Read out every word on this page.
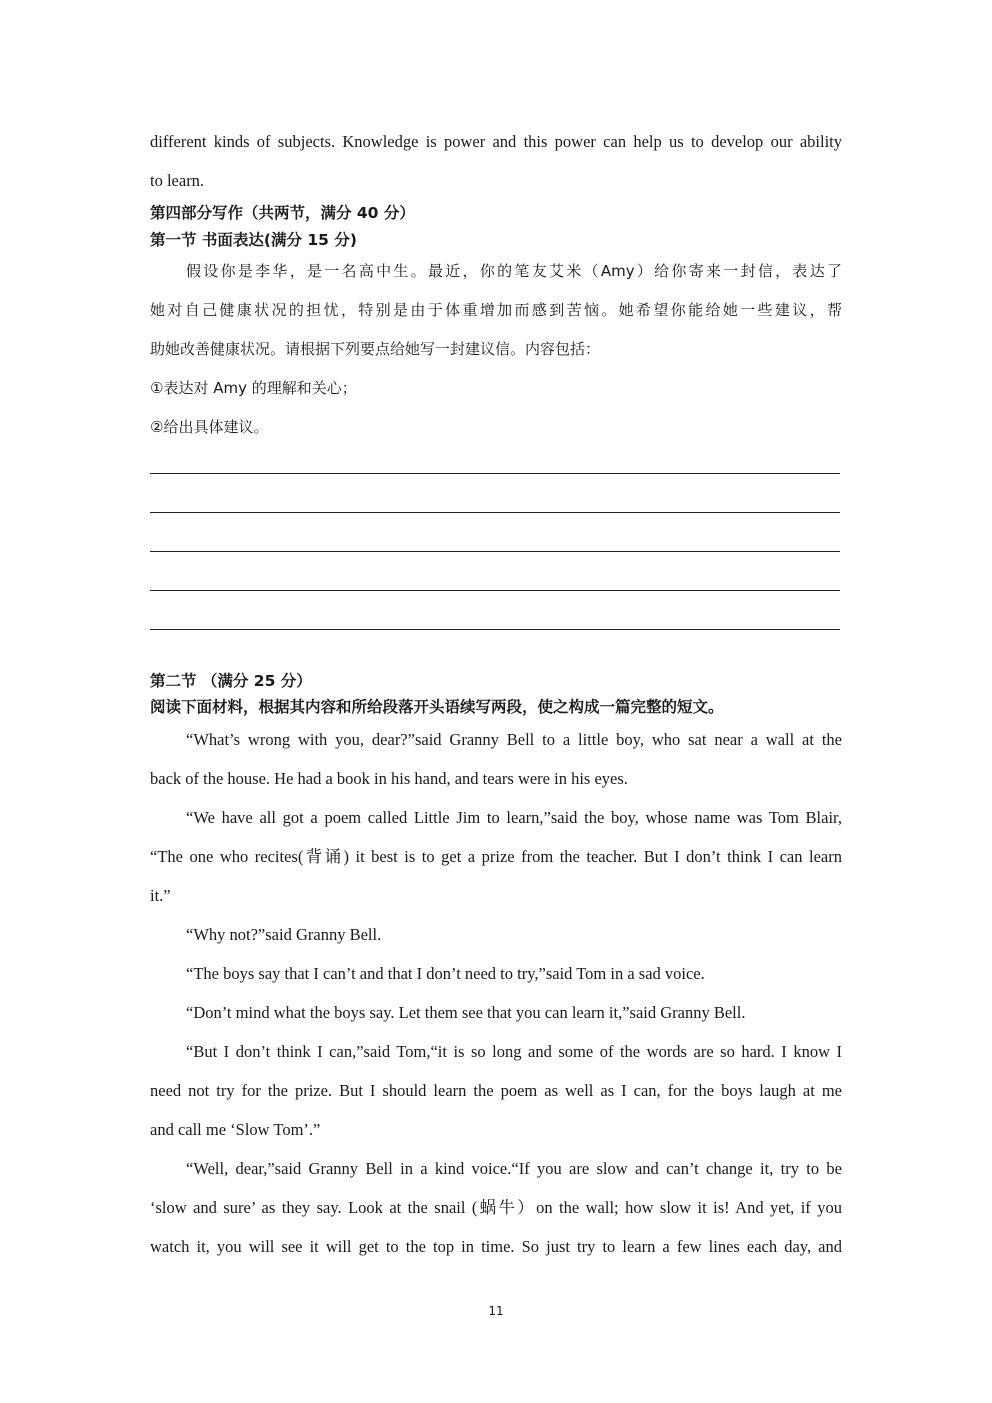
different kinds of subjects. Knowledge is power and this power can help us to develop our ability
to learn.
第四部分写作（共两节，满分 40 分）
第一节 书面表达(满分 15 分)
假设你是李华，是一名高中生。最近，你的笔友艾米（Amy）给你寄来一封信，表达了
她对自己健康状况的担忧，特别是由于体重增加而感到苦恼。她希望你能给她一些建议，帮
助她改善健康状况。请根据下列要点给她写一封建议信。内容包括：
①表达对 Amy 的理解和关心；
②给出具体建议。
第二节 （满分 25 分）
阅读下面材料，根据其内容和所给段落开头语续写两段，使之构成一篇完整的短文。
“What’s wrong with you, dear?”said Granny Bell to a little boy, who sat near a wall at the
back of the house. He had a book in his hand, and tears were in his eyes.
“We have all got a poem called Little Jim to learn,”said the boy, whose name was Tom Blair,
“The one who recites(背诵) it best is to get a prize from the teacher. But I don’t think I can learn
it.”
“Why not?”said Granny Bell.
“The boys say that I can’t and that I don’t need to try,”said Tom in a sad voice.
“Don’t mind what the boys say. Let them see that you can learn it,”said Granny Bell.
“But I don’t think I can,”said Tom,“it is so long and some of the words are so hard. I know I
need not try for the prize. But I should learn the poem as well as I can, for the boys laugh at me
and call me ‘Slow Tom’.”
“Well, dear,”said Granny Bell in a kind voice.“If you are slow and can’t change it, try to be
‘slow and sure’ as they say. Look at the snail (蜗牛）on the wall; how slow it is! And yet, if you
watch it, you will see it will get to the top in time. So just try to learn a few lines each day, and
11
